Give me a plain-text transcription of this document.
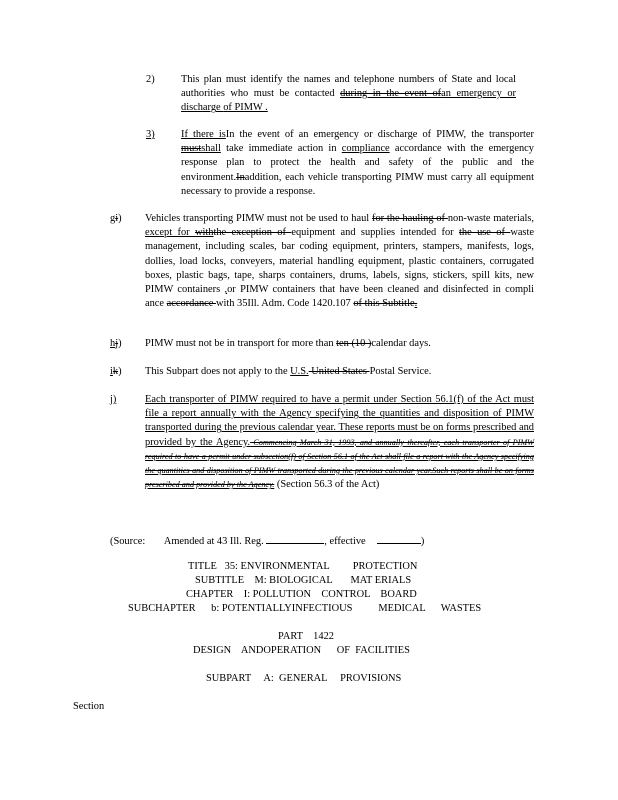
2)	This plan must identify the names and telephone numbers of State and local authorities who must be contacted during in the event ofan emergency or discharge of PIMW .
3)	If there isIn the event of an emergency or discharge of PIMW, the transporter mustshall take immediate action in compliance accordance with the emergency response plan to protect the health and safety of the public and the environment.Inaddition, each vehicle transporting PIMW must carry all equipment necessary to provide a response.
gi) Vehicles transporting PIMW must not be used to haul for the hauling of non-waste materials, except for withthe exception of equipment and supplies intended for the use of waste management, including scales, bar coding equipment, printers, stampers, manifests, logs, dollies, load locks, conveyers, material handling equipment, plastic containers, corrugated boxes, plastic bags, tape, sharps containers, drums, labels, signs, stickers, spill kits, new PIMW containers ,or PIMW containers that have been cleaned and disinfected in compli ance accordance with 35Ill. Adm. Code 1420.107 of this Subtitle.
hj) PIMW must not be in transport for more than ten (10 )calendar days.
ik) This Subpart does not apply to the U.S. United States Postal Service.
j)	Each transporter of PIMW required to have a permit under Section 56.1(f) of the Act must file a report annually with the Agency specifying the quantities and disposition of PIMW transported during the previous calendar year. These reports must be on forms prescribed and provided by the Agency. Commencing March 31, 1993, and annually thereafter, each transporter of PIMW required to have a permit under subsection(f) of Section 56.1 of the Act shall file a report with the Agency specifying the quantities and disposition of PIMW transported during the previous calendar year.Such reports shall be on forms prescribed and provided by the Agency. (Section 56.3 of the Act)
(Source: Amended at 43 Ill. Reg.	, effective	)
TITLE   35: ENVIRONMENTAL         PROTECTION
SUBTITLE    M: BIOLOGICAL       MAT ERIALS
CHAPTER    I: POLLUTION    CONTROL    BOARD
SUBCHAPTER      b: POTENTIALLYINFECTIOUS          MEDICAL      WASTES
PART    1422
DESIGN    ANDOPERATION      OF  FACILITIES
SUBPART     A:  GENERAL     PROVISIONS
Section
